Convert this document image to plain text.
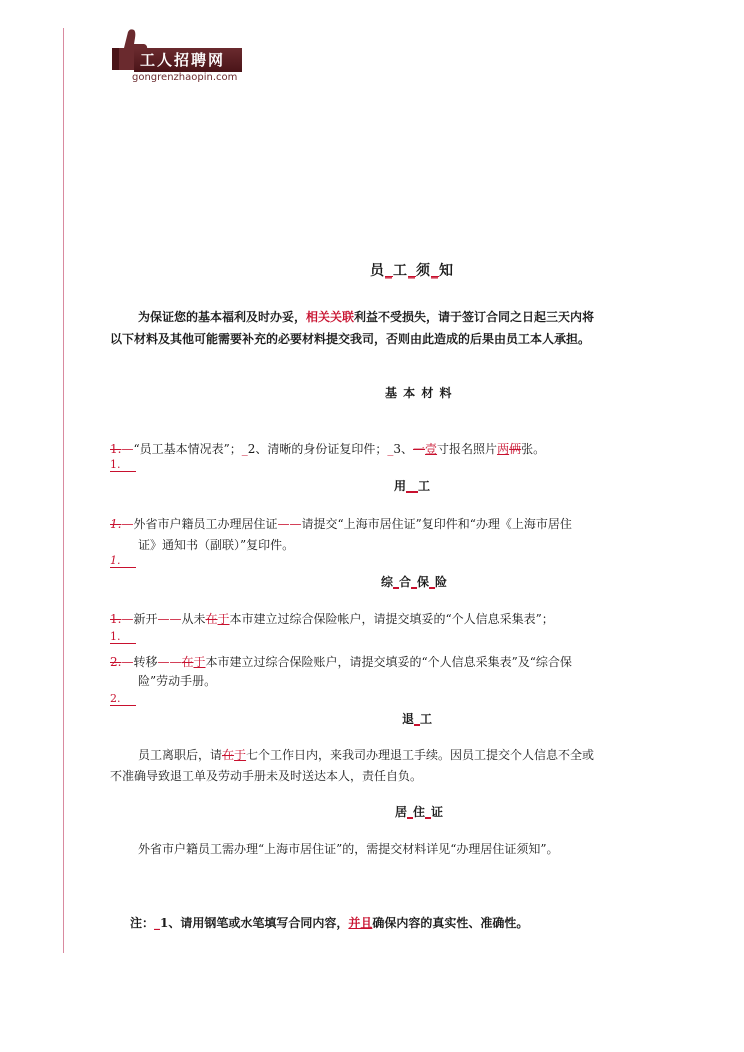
工人招聘网
gongrenzhaopin.com
员_工_须_知
为保证您的基本福利及时办妥，相关关联利益不受损失，请于签订合同之日起三天内将
以下材料及其他可能需要补充的必要材料提交我司，否则由此造成的后果由员工本人承担。
基 本 材 料
1.—“员工基本情况表”；_2、清晰的身份证复印件；_3、一壹寸报名照片两俩张。
1.
用__工
1.—外省市户籍员工办理居住证——请提交“上海市居住证”复印件和“办理《上海市居住
证》通知书（副联）”复印件。
1.
综_合_保_险
1.—新开——从未在于本市建立过综合保险帐户，请提交填妥的“个人信息采集表”；
1.
2.—转移——在于本市建立过综合保险账户，请提交填妥的“个人信息采集表”及“综合保
险”劳动手册。
2.
退_工
员工离职后，请在于七个工作日内，来我司办理退工手续。因员工提交个人信息不全或
不准确导致退工单及劳动手册未及时送达本人，责任自负。
居_住_证
外省市户籍员工需办理“上海市居住证”的，需提交材料详见“办理居住证须知”。
注：_1、请用钢笔或水笔填写合同内容，并且确保内容的真实性、准确性。
